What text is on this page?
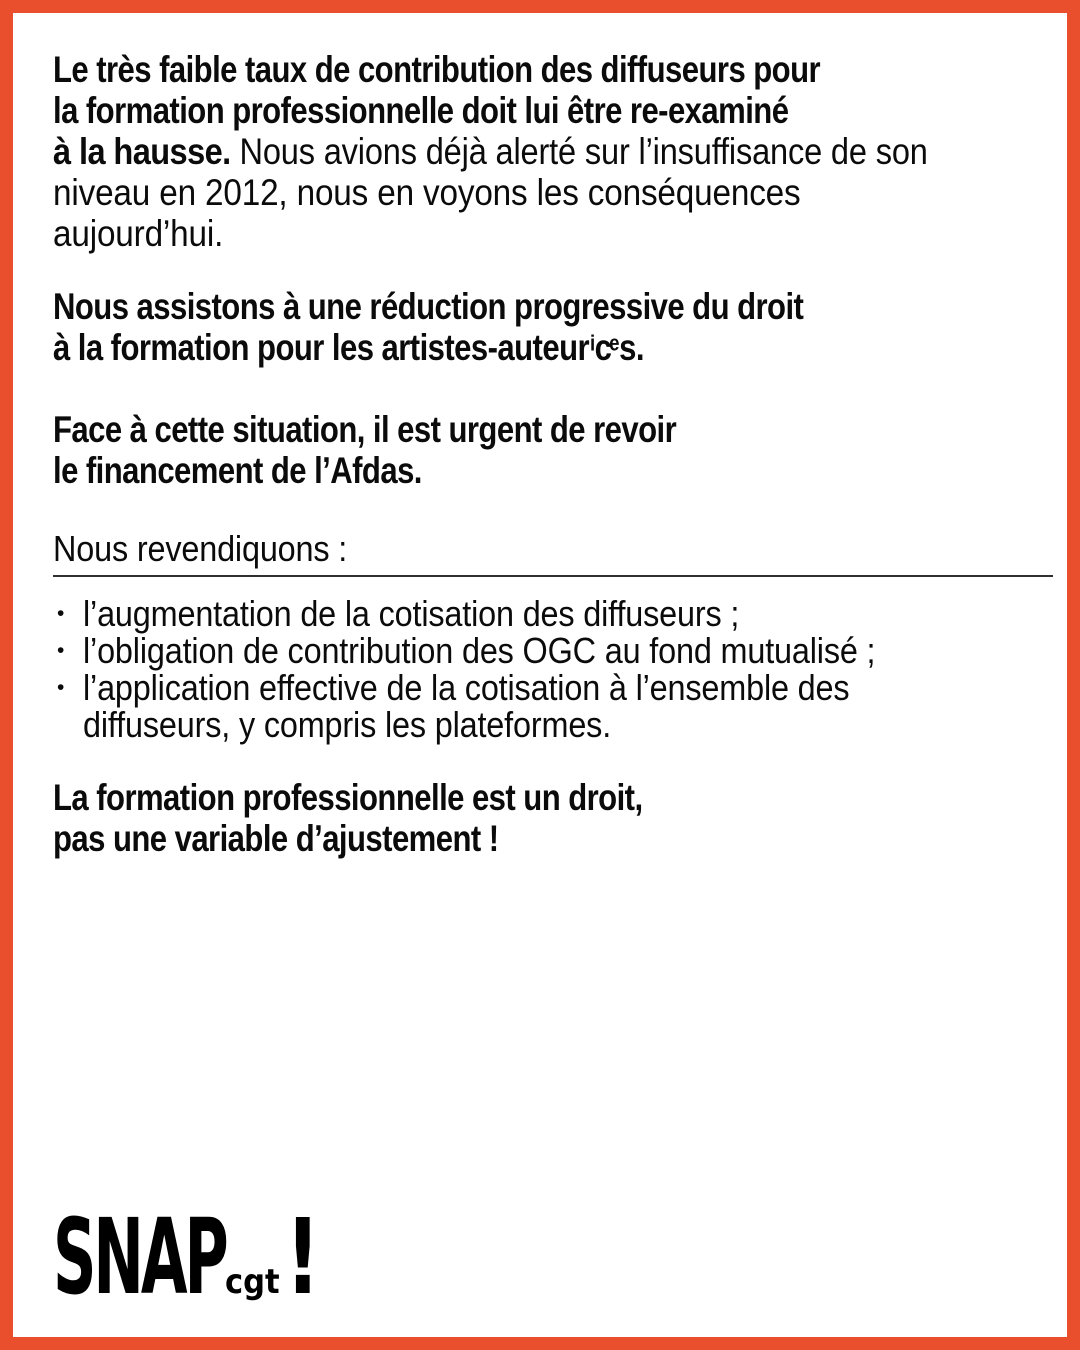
Le très faible taux de contribution des diffuseurs pour
la formation professionnelle doit lui être re-examiné
à la hausse. Nous avions déjà alerté sur l’insuffisance de son
niveau en 2012, nous en voyons les conséquences
aujourd’hui.

Nous assistons à une réduction progressive du droit
à la formation pour les artistes-auteurices.

Face à cette situation, il est urgent de revoir
le financement de l’Afdas.

Nous revendiquons :
• l’augmentation de la cotisation des diffuseurs ;
• l’obligation de contribution des OGC au fond mutualisé ;
• l’application effective de la cotisation à l’ensemble des
diffuseurs, y compris les plateformes.

La formation professionnelle est un droit,
pas une variable d’ajustement !

SNAP cgt !
